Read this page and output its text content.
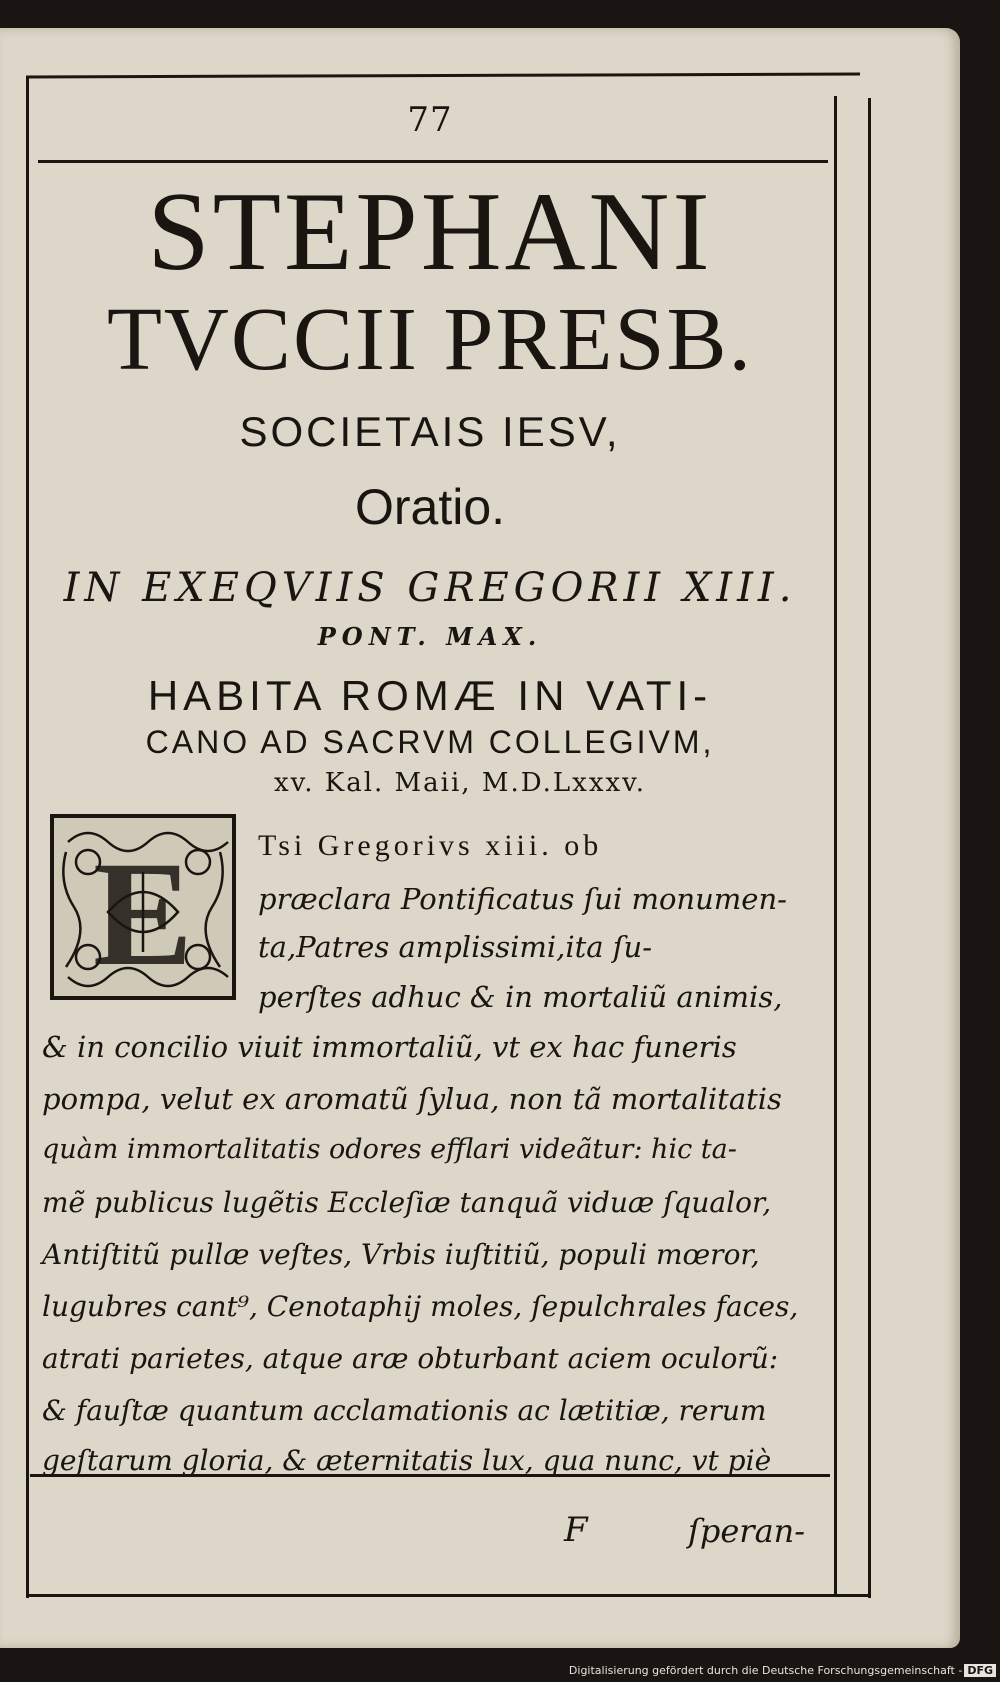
77
STEPHANI
TVCCII PRESB.
SOCIETAIS IESV,
Oratio.
IN EXEQVIIS GREGORII XIII.
PONT. MAX.
HABITA ROMÆ IN VATI-
CANO AD SACRVM COLLEGIVM,
xv. Kal. Maii, M.D.Lxxxv.
E Tsi Gregorivs xiii. ob
præclara Pontificatus ſui monumen-
ta,Patres amplissimi,ita ſu-
perſtes adhuc & in mortaliũ animis,
& in concilio viuit immortaliũ, vt ex hac funeris
pompa, velut ex aromatũ ſylua, non tã mortalitatis
quàm immortalitatis odores efflari videãtur: hic ta-
mẽ publicus lugẽtis Eccleſiæ tanquã viduæ ſqualor,
Antiſtitũ pullæ veſtes, Vrbis iuſtitiũ, populi mœror,
lugubres cant⁹, Cenotaphij moles, ſepulchrales faces,
atrati parietes, atque aræ obturbant aciem oculorũ:
& fauſtæ quantum acclamationis ac lætitiæ, rerum
geſtarum gloria, & æternitatis lux, qua nunc, vt piè
F	ſperan-
Digitalisierung gefördert durch die Deutsche Forschungsgemeinschaft - DFG
